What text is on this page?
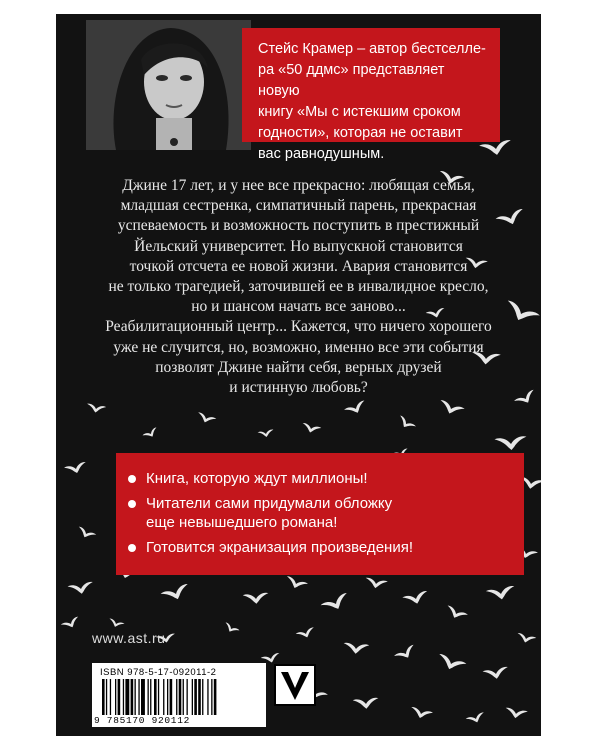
Стейс Крамер – автор бестселле-
ра «50 ддмс» представляет новую
книгу «Мы с истекшим сроком
годности», которая не оставит
вас равнодушным.
Джине 17 лет, и у нее все прекрасно: любящая семья,
младшая сестренка, симпатичный парень, прекрасная
успеваемость и возможность поступить в престижный
Йельский университет. Но выпускной становится
точкой отсчета ее новой жизни. Авария становится
не только трагедией, заточившей ее в инвалидное кресло,
но и шансом начать все заново...
Реабилитационный центр... Кажется, что ничего хорошего
уже не случится, но, возможно, именно все эти события
позволят Джине найти себя, верных друзей
и истинную любовь?
Книга, которую ждут миллионы!
Читатели сами придумали обложку
еще невышедшего романа!
Готовится экранизация произведения!
www.ast.ru
ISBN 978-5-17-092011-2
9 785170 920112
V
